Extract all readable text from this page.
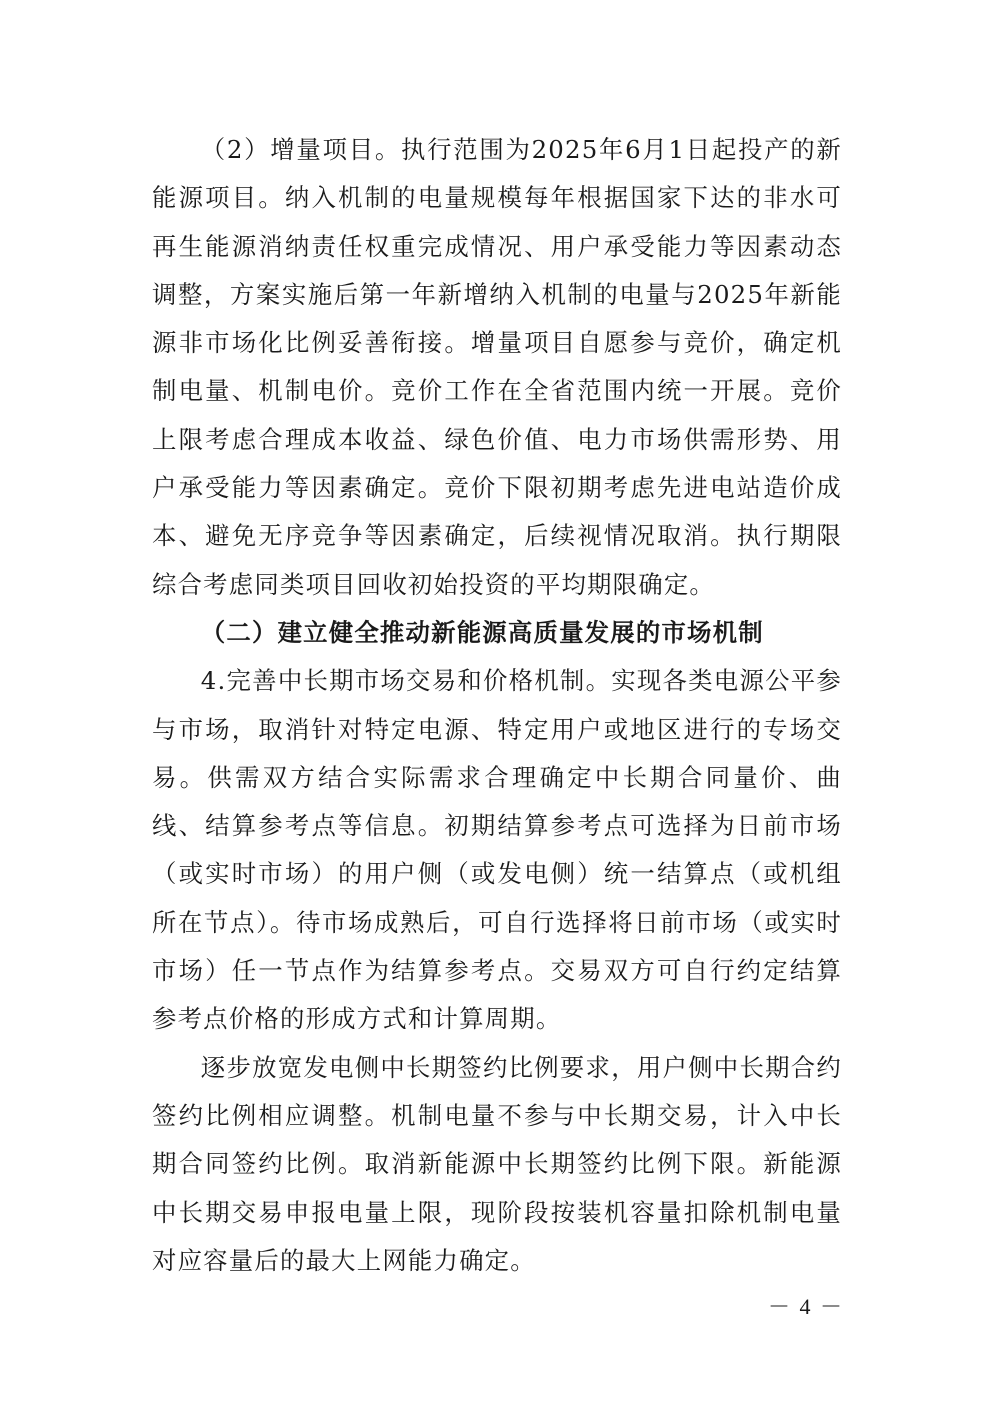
（2）增量项目。执行范围为2025年6月1日起投产的新能源项目。纳入机制的电量规模每年根据国家下达的非水可再生能源消纳责任权重完成情况、用户承受能力等因素动态调整，方案实施后第一年新增纳入机制的电量与2025年新能源非市场化比例妥善衔接。增量项目自愿参与竞价，确定机制电量、机制电价。竞价工作在全省范围内统一开展。竞价上限考虑合理成本收益、绿色价值、电力市场供需形势、用户承受能力等因素确定。竞价下限初期考虑先进电站造价成本、避免无序竞争等因素确定，后续视情况取消。执行期限综合考虑同类项目回收初始投资的平均期限确定。

（二）建立健全推动新能源高质量发展的市场机制

4.完善中长期市场交易和价格机制。实现各类电源公平参与市场，取消针对特定电源、特定用户或地区进行的专场交易。供需双方结合实际需求合理确定中长期合同量价、曲线、结算参考点等信息。初期结算参考点可选择为日前市场（或实时市场）的用户侧（或发电侧）统一结算点（或机组所在节点）。待市场成熟后，可自行选择将日前市场（或实时市场）任一节点作为结算参考点。交易双方可自行约定结算参考点价格的形成方式和计算周期。

逐步放宽发电侧中长期签约比例要求，用户侧中长期合约签约比例相应调整。机制电量不参与中长期交易，计入中长期合同签约比例。取消新能源中长期签约比例下限。新能源中长期交易申报电量上限，现阶段按装机容量扣除机制电量对应容量后的最大上网能力确定。

－ 4 －
